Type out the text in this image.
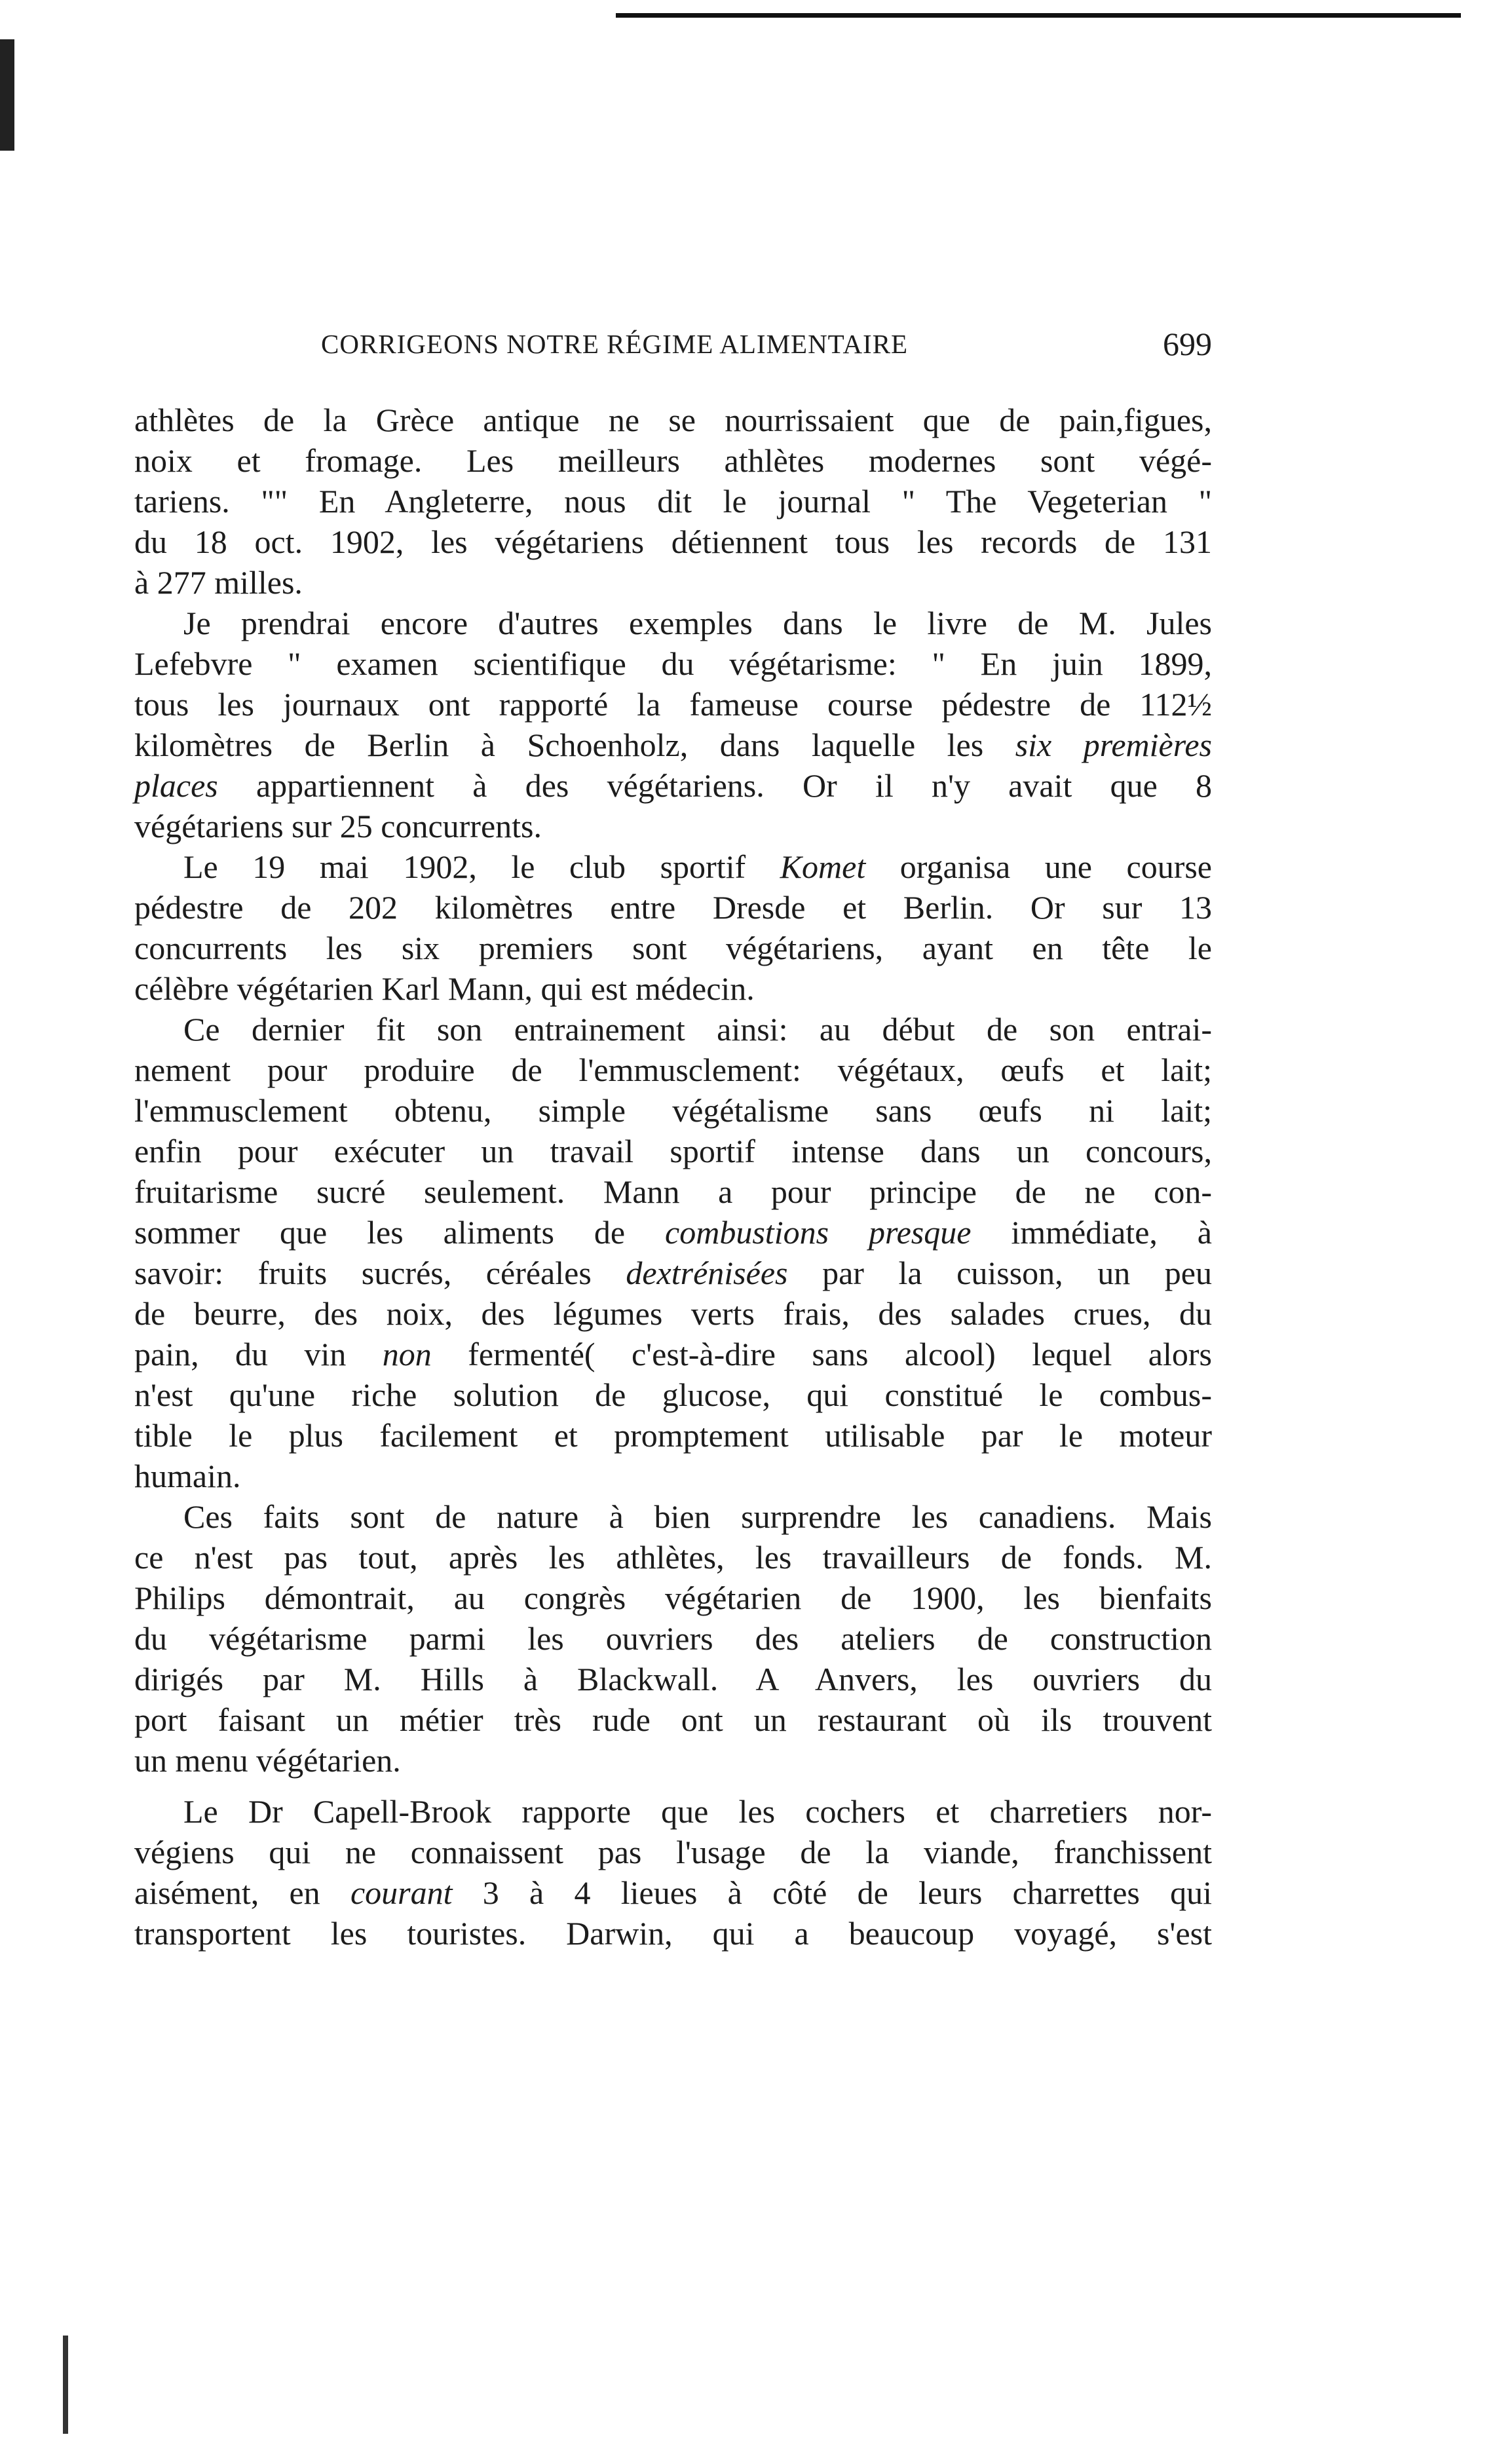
CORRIGEONS NOTRE RÉGIME ALIMENTAIRE	699
athlètes de la Grèce antique ne se nourrissaient que de pain,figues,
noix et fromage. Les meilleurs athlètes modernes sont végé-
tariens. "" En Angleterre, nous dit le journal " The Vegeterian "
du 18 oct. 1902, les végétariens détiennent tous les records de 131
à 277 milles.
Je prendrai encore d'autres exemples dans le livre de M. Jules
Lefebvre " examen scientifique du végétarisme: " En juin 1899,
tous les journaux ont rapporté la fameuse course pédestre de 112½
kilomètres de Berlin à Schoenholz, dans laquelle les six premières
places appartiennent à des végétariens. Or il n'y avait que 8
végétariens sur 25 concurrents.
Le 19 mai 1902, le club sportif Komet organisa une course
pédestre de 202 kilomètres entre Dresde et Berlin. Or sur 13
concurrents les six premiers sont végétariens, ayant en tête le
célèbre végétarien Karl Mann, qui est médecin.
Ce dernier fit son entrainement ainsi: au début de son entrai-
nement pour produire de l'emmusclement: végétaux, œufs et lait;
l'emmusclement obtenu, simple végétalisme sans œufs ni lait;
enfin pour exécuter un travail sportif intense dans un concours,
fruitarisme sucré seulement. Mann a pour principe de ne con-
sommer que les aliments de combustions presque immédiate, à
savoir: fruits sucrés, céréales dextrénisées par la cuisson, un peu
de beurre, des noix, des légumes verts frais, des salades crues, du
pain, du vin non fermenté( c'est-à-dire sans alcool) lequel alors
n'est qu'une riche solution de glucose, qui constitué le combus-
tible le plus facilement et promptement utilisable par le moteur
humain.
Ces faits sont de nature à bien surprendre les canadiens. Mais
ce n'est pas tout, après les athlètes, les travailleurs de fonds. M.
Philips démontrait, au congrès végétarien de 1900, les bienfaits
du végétarisme parmi les ouvriers des ateliers de construction
dirigés par M. Hills à Blackwall. A Anvers, les ouvriers du
port faisant un métier très rude ont un restaurant où ils trouvent
un menu végétarien.
Le Dr Capell-Brook rapporte que les cochers et charretiers nor-
végiens qui ne connaissent pas l'usage de la viande, franchissent
aisément, en courant 3 à 4 lieues à côté de leurs charrettes qui
transportent les touristes. Darwin, qui a beaucoup voyagé, s'est
